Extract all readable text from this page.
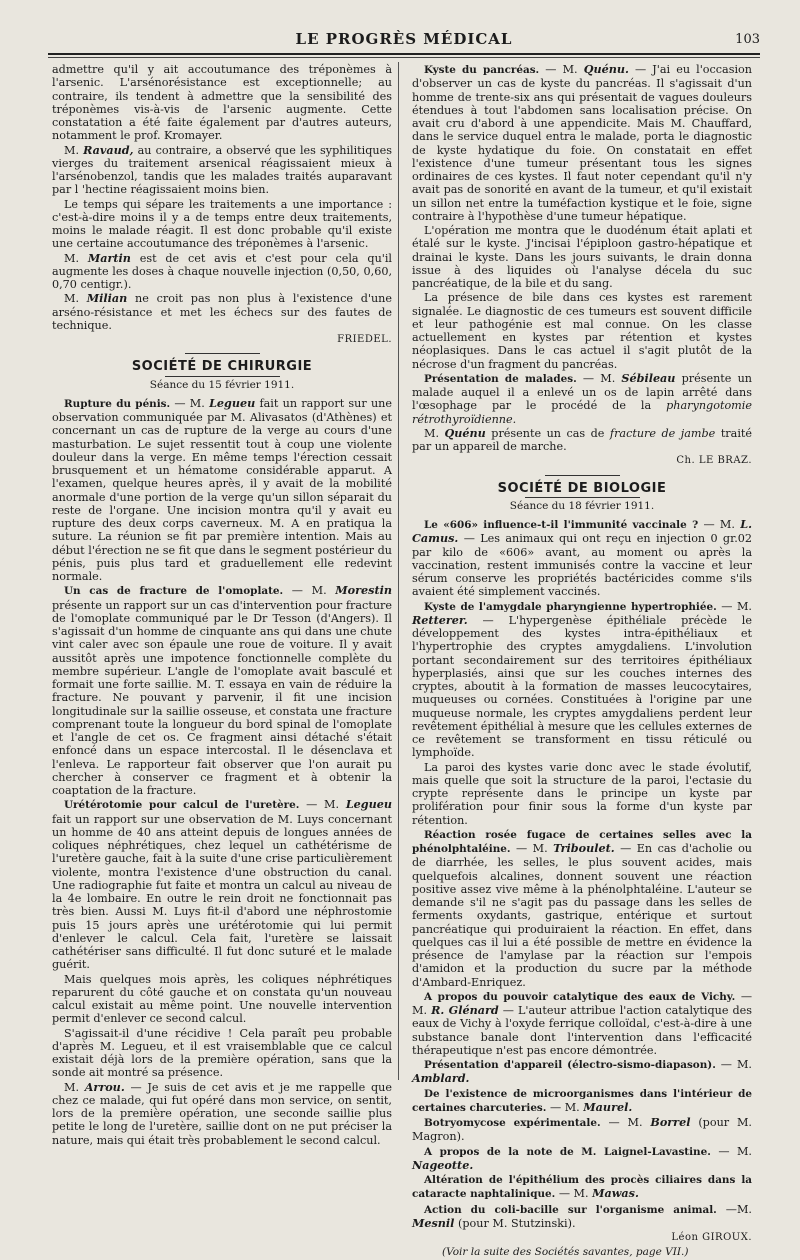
LE PROGRÈS MÉDICAL	103

admettre qu'il y ait accoutumance des tréponèmes à l'arsenic. L'arsénorésistance est exceptionnelle; au contraire, ils tendent à admettre que la sensibilité des tréponèmes vis-à-vis de l'arsenic augmente. Cette constatation a été faite également par d'autres auteurs, notamment le prof. Kromayer.

M. Ravaud, au contraire, a observé que les syphilitiques vierges du traitement arsenical réagissaient mieux à l'arsénobenzol, tandis que les malades traités auparavant par l 'hectine réagissaient moins bien.

Le temps qui sépare les traitements a une importance : c'est-à-dire moins il y a de temps entre deux traitements, moins le malade réagit. Il est donc probable qu'il existe une certaine accoutumance des tréponèmes à l'arsenic.

M. Martin est de cet avis et c'est pour cela qu'il augmente les doses à chaque nouvelle injection (0,50, 0,60, 0,70 centigr.).

M. Milian ne croit pas non plus à l'existence d'une arséno-résistance et met les échecs sur des fautes de technique.

FRIEDEL.
SOCIÉTÉ DE CHIRURGIE
Séance du 15 février 1911.

Rupture du pénis. — M. Legueu fait un rapport sur une observation communiquée par M. Alivasatos (d'Athènes) et concernant un cas de rupture de la verge au cours d'une masturbation. Le sujet ressentit tout à coup une violente douleur dans la verge. En même temps l'érection cessait brusquement et un hématome considérable apparut. A l'examen, quelque heures après, il y avait de la mobilité anormale d'une portion de la verge qu'un sillon séparait du reste de l'organe. Une incision montra qu'il y avait eu rupture des deux corps caverneux. M. A en pratiqua la suture. La réunion se fit par première intention. Mais au début l'érection ne se fit que dans le segment postérieur du pénis, puis plus tard et graduellement elle redevint normale.

Un cas de fracture de l'omoplate. — M. Morestin présente un rapport sur un cas d'intervention pour fracture de l'omoplate communiqué par le Dr Tesson (d'Angers). Il s'agissait d'un homme de cinquante ans qui dans une chute vint caler avec son épaule une roue de voiture. Il y avait aussitôt après une impotence fonctionnelle complète du membre supérieur. L'angle de l'omoplate avait basculé et formait une forte saillie. M. T. essaya en vain de réduire la fracture. Ne pouvant y parvenir, il fit une incision longitudinale sur la saillie osseuse, et constata une fracture comprenant toute la longueur du bord spinal de l'omoplate et l'angle de cet os. Ce fragment ainsi détaché s'était enfoncé dans un espace intercostal. Il le désenclava et l'enleva. Le rapporteur fait observer que l'on aurait pu chercher à conserver ce fragment et à obtenir la coaptation de la fracture.

Urétérotomie pour calcul de l'uretère. — M. Legueu fait un rapport sur une observation de M. Luys concernant un homme de 40 ans atteint depuis de longues années de coliques néphrétiques, chez lequel un cathétérisme de l'uretère gauche, fait à la suite d'une crise particulièrement violente, montra l'existence d'une obstruction du canal. Une radiographie fut faite et montra un calcul au niveau de la 4e lombaire. En outre le rein droit ne fonctionnait pas très bien. Aussi M. Luys fit-il d'abord une néphrostomie puis 15 jours après une urétérotomie qui lui permit d'enlever le calcul. Cela fait, l'uretère se laissait cathétériser sans difficulté. Il fut donc suturé et le malade guérit.

Mais quelques mois après, les coliques néphrétiques reparurent du côté gauche et on constata qu'un nouveau calcul existait au même point. Une nouvelle intervention permit d'enlever ce second calcul.

S'agissait-il d'une récidive ! Cela paraît peu probable d'après M. Legueu, et il est vraisemblable que ce calcul existait déjà lors de la première opération, sans que la sonde ait montré sa présence.

M. Arrou. — Je suis de cet avis et je me rappelle que chez ce malade, qui fut opéré dans mon service, on sentit, lors de la première opération, une seconde saillie plus petite le long de l'uretère, saillie dont on ne put préciser la nature, mais qui était très probablement le second calcul.

Kyste du pancréas. — M. Quénu. — J'ai eu l'occasion d'observer un cas de kyste du pancréas. Il s'agissait d'un homme de trente-six ans qui présentait de vagues douleurs étendues à tout l'abdomen sans localisation précise. On avait cru d'abord à une appendicite. Mais M. Chauffard, dans le service duquel entra le malade, porta le diagnostic de kyste hydatique du foie. On constatait en effet l'existence d'une tumeur présentant tous les signes ordinaires de ces kystes. Il faut noter cependant qu'il n'y avait pas de sonorité en avant de la tumeur, et qu'il existait un sillon net entre la tuméfaction kystique et le foie, signe contraire à l'hypothèse d'une tumeur hépatique.

L'opération me montra que le duodénum était aplati et étalé sur le kyste. J'incisai l'épiploon gastro-hépatique et drainai le kyste. Dans les jours suivants, le drain donna issue à des liquides où l'analyse décela du suc pancréatique, de la bile et du sang.

La présence de bile dans ces kystes est rarement signalée. Le diagnostic de ces tumeurs est souvent difficile et leur pathogénie est mal connue. On les classe actuellement en kystes par rétention et kystes néoplasiques. Dans le cas actuel il s'agit plutôt de la nécrose d'un fragment du pancréas.

Présentation de malades. — M. Sébileau présente un malade auquel il a enlevé un os de lapin arrêté dans l'œsophage par le procédé de la pharyngotomie rétrothyroïdienne.

M. Quénu présente un cas de fracture de jambe traité par un appareil de marche.

Ch. LE BRAZ.
SOCIÉTÉ DE BIOLOGIE
Séance du 18 février 1911.

Le «606» influence-t-il l'immunité vaccinale ? — M. L. Camus. — Les animaux qui ont reçu en injection 0 gr.02 par kilo de «606» avant, au moment ou après la vaccination, restent immunisés contre la vaccine et leur sérum conserve les propriétés bactéricides comme s'ils avaient été simplement vaccinés.

Kyste de l'amygdale pharyngienne hypertrophiée. — M. Retterer. — L'hypergenèse épithéliale précède le développement des kystes intra-épithéliaux et l'hypertrophie des cryptes amygdaliens. L'involution portant secondairement sur des territoires épithéliaux hyperplasiés, ainsi que sur les couches internes des cryptes, aboutit à la formation de masses leucocytaires, muqueuses ou cornées. Constituées à l'origine par une muqueuse normale, les cryptes amygdaliens perdent leur revêtement épithélial à mesure que les cellules externes de ce revêtement se transforment en tissu réticulé ou lymphoïde.

La paroi des kystes varie donc avec le stade évolutif, mais quelle que soit la structure de la paroi, l'ectasie du crypte représente dans le principe un kyste par prolifération pour finir sous la forme d'un kyste par rétention.

Réaction rosée fugace de certaines selles avec la phénolphtaléine. — M. Triboulet. — En cas d'acholie ou de diarrhée, les selles, le plus souvent acides, mais quelquefois alcalines, donnent souvent une réaction positive assez vive même à la phénolphtaléine. L'auteur se demande s'il ne s'agit pas du passage dans les selles de ferments oxydants, gastrique, entérique et surtout pancréatique qui produiraient la réaction. En effet, dans quelques cas il lui a été possible de mettre en évidence la présence de l'amylase par la réaction sur l'empois d'amidon et la production du sucre par la méthode d'Ambard-Enriquez.

A propos du pouvoir catalytique des eaux de Vichy. — M. R. Glénard — L'auteur attribue l'action catalytique des eaux de Vichy à l'oxyde ferrique colloïdal, c'est-à-dire à une substance banale dont l'intervention dans l'efficacité thérapeutique n'est pas encore démontrée.

Présentation d'appareil (électro-sismo-diapason). — M. Amblard.

De l'existence de microorganismes dans l'intérieur de certaines charcuteries. — M. Maurel.

Botryomycose expérimentale. — M. Borrel (pour M. Magron).

A propos de la note de M. Laignel-Lavastine. — M. Nageotte.

Altération de l'épithélium des procès ciliaires dans la cataracte naphtalinique. — M. Mawas.

Action du coli-bacille sur l'organisme animal. —M. Mesnil (pour M. Stutzinski).

Léon GIROUX.
(Voir la suite des Sociétés savantes, page VII.)
